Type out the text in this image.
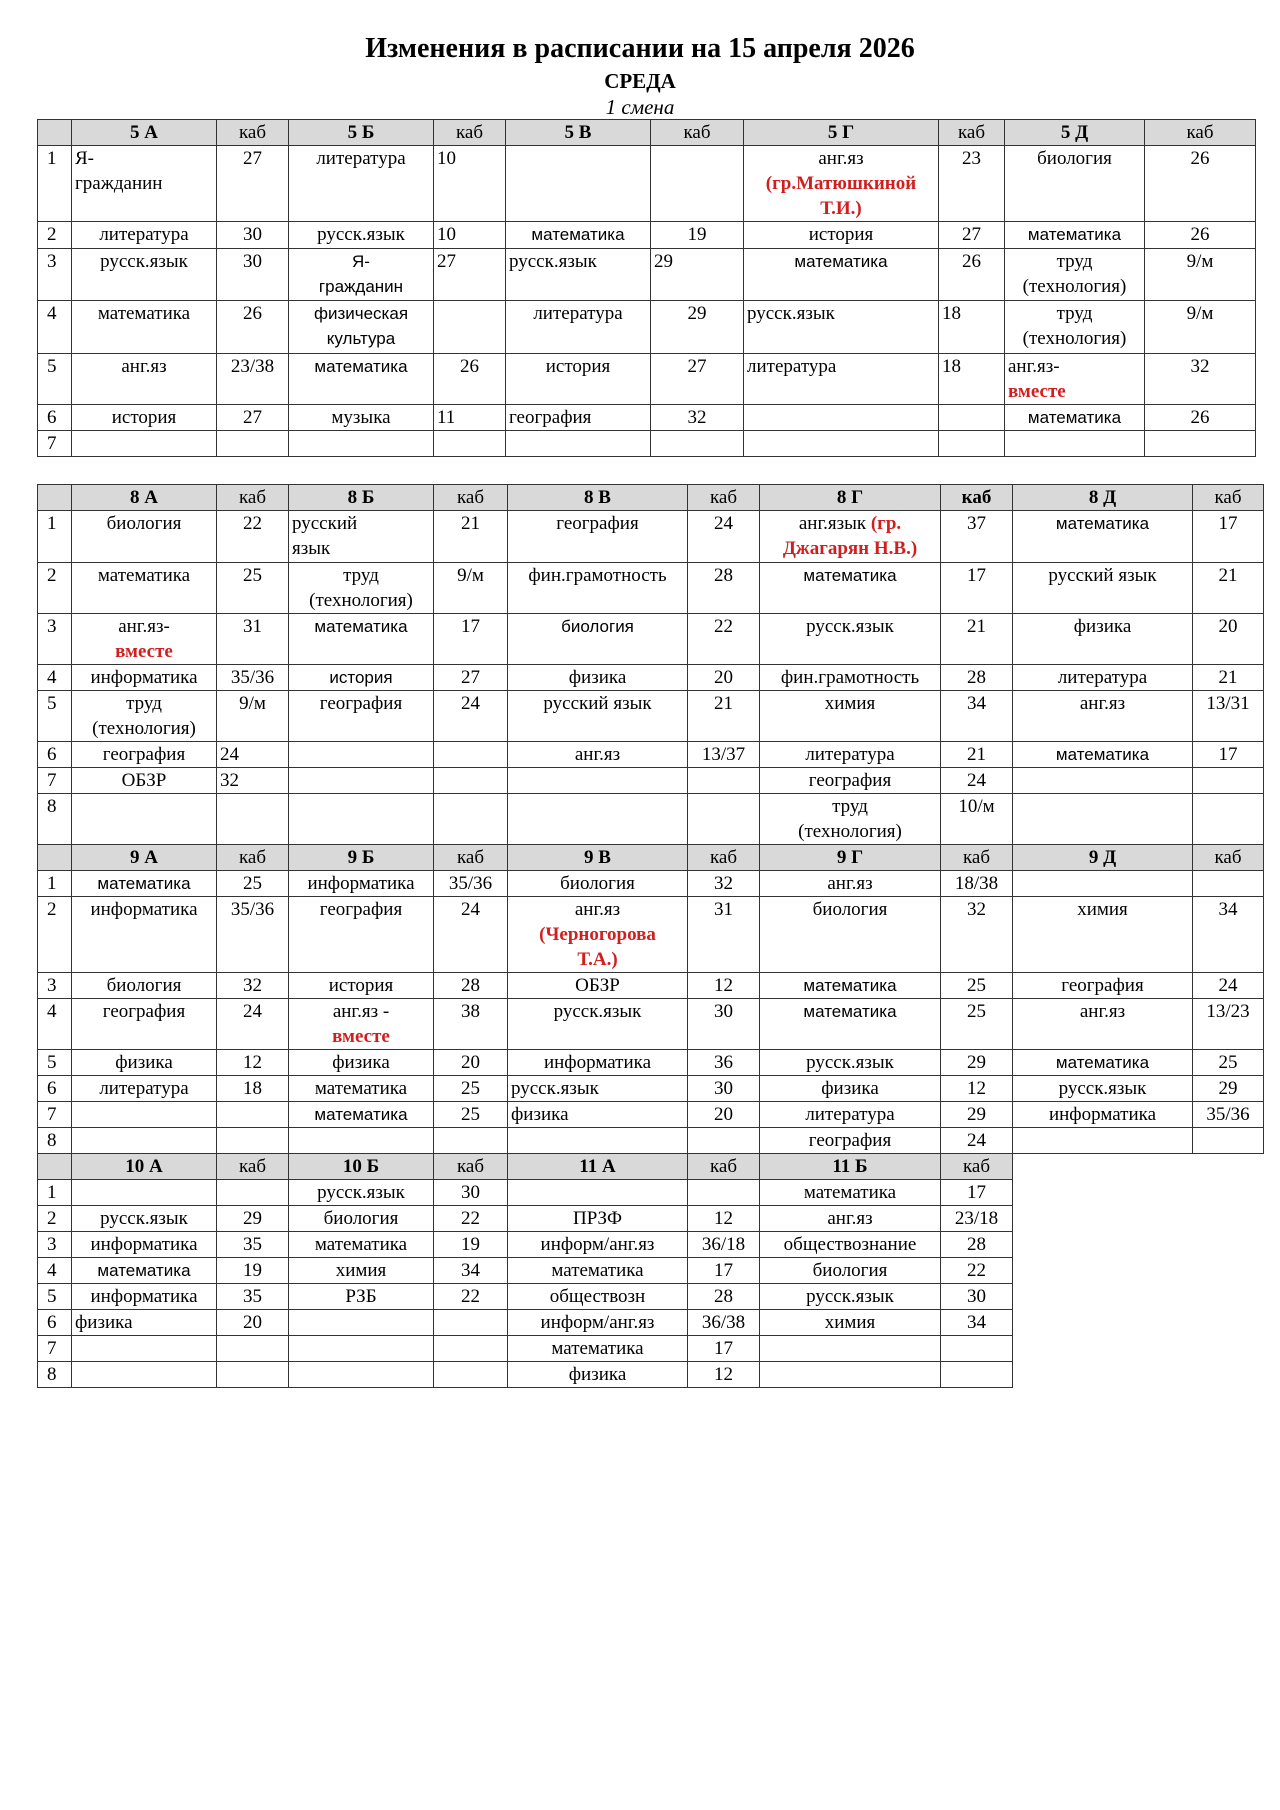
Изменения в расписании на 15 апреля 2026
СРЕДА
1 смена
	5 А	каб	5 Б	каб	5 В	каб	5 Г	каб	5 Д	каб
1	Я-
гражданин	27	литература	10			анг.яз
(гр.Матюшкиной
Т.И.)	23	биология	26
2	литература	30	русск.язык	10	математика	19	история	27	математика	26
3	русск.язык	30	Я-
гражданин	27	русск.язык	29	математика	26	труд
(технология)	9/м
4	математика	26	физическая
культура		литература	29	русск.язык	18	труд
(технология)	9/м
5	анг.яз	23/38	математика	26	история	27	литература	18	анг.яз-
вместе	32
6	история	27	музыка	11	география	32			математика	26
7										
	8 А	каб	8 Б	каб	8 В	каб	8 Г	каб	8 Д	каб
1	биология	22	русский
язык	21	география	24	анг.язык (гр.
Джагарян Н.В.)	37	математика	17
2	математика	25	труд
(технология)	9/м	фин.грамотность	28	математика	17	русский язык	21
3	анг.яз-
вместе	31	математика	17	биология	22	русск.язык	21	физика	20
4	информатика	35/36	история	27	физика	20	фин.грамотность	28	литература	21
5	труд
(технология)	9/м	география	24	русский язык	21	химия	34	анг.яз	13/31
6	география	24			анг.яз	13/37	литература	21	математика	17
7	ОБЗР	32					география	24		
8							труд
(технология)	10/м		
	9 А	каб	9 Б	каб	9 В	каб	9 Г	каб	9 Д	каб
1	математика	25	информатика	35/36	биология	32	анг.яз	18/38		
2	информатика	35/36	география	24	анг.яз
(Черногорова
Т.А.)	31	биология	32	химия	34
3	биология	32	история	28	ОБЗР	12	математика	25	география	24
4	география	24	анг.яз -
вместе	38	русск.язык	30	математика	25	анг.яз	13/23
5	физика	12	физика	20	информатика	36	русск.язык	29	математика	25
6	литература	18	математика	25	русск.язык	30	физика	12	русск.язык	29
7			математика	25	физика	20	литература	29	информатика	35/36
8							география	24		
	10 А	каб	10 Б	каб	11 А	каб	11 Б	каб		
1			русск.язык	30			математика	17		
2	русск.язык	29	биология	22	ПРЗФ	12	анг.яз	23/18		
3	информатика	35	математика	19	информ/анг.яз	36/18	обществознание	28		
4	математика	19	химия	34	математика	17	биология	22		
5	информатика	35	РЗБ	22	обществозн	28	русск.язык	30		
6	физика	20			информ/анг.яз	36/38	химия	34		
7					математика	17				
8					физика	12				
